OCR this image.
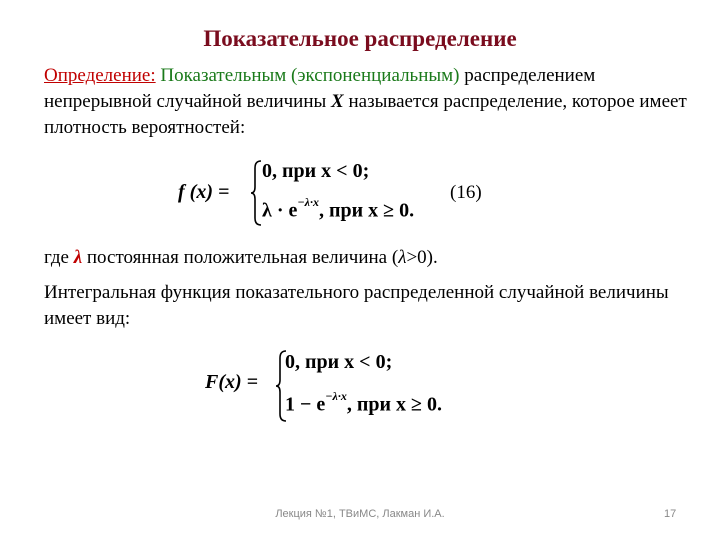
Показательное распределение
Определение: Показательным (экспоненциальным) распределением непрерывной случайной величины X называется распределение, которое имеет плотность вероятностей:
f (x) =
0, при x < 0;
$\lambda \cdot e^{-\lambda\cdot x}$, при x ≥ 0.
(16)
где λ постоянная положительная величина (λ>0).
Интегральная функция показательного распределенной случайной величины имеет вид:
F(x) =
0, при x < 0;
$1 - e^{-\lambda\cdot x}$, при x ≥ 0.
Лекция №1, ТВиМС, Лакман И.А.	17
